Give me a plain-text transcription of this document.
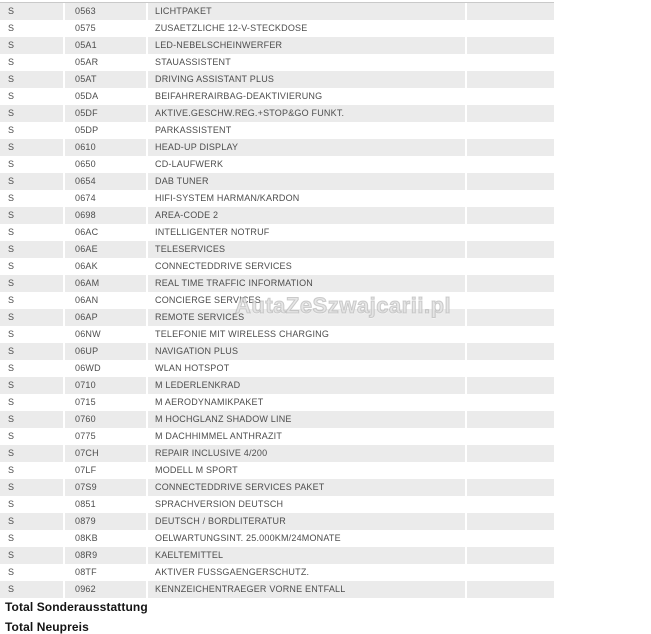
S	0563	LICHTPAKET
S	0575	ZUSAETZLICHE 12-V-STECKDOSE
S	05A1	LED-NEBELSCHEINWERFER
S	05AR	STAUASSISTENT
S	05AT	DRIVING ASSISTANT PLUS
S	05DA	BEIFAHRERAIRBAG-DEAKTIVIERUNG
S	05DF	AKTIVE.GESCHW.REG.+STOP&GO FUNKT.
S	05DP	PARKASSISTENT
S	0610	HEAD-UP DISPLAY
S	0650	CD-LAUFWERK
S	0654	DAB TUNER
S	0674	HIFI-SYSTEM HARMAN/KARDON
S	0698	AREA-CODE 2
S	06AC	INTELLIGENTER NOTRUF
S	06AE	TELESERVICES
S	06AK	CONNECTEDDRIVE SERVICES
S	06AM	REAL TIME TRAFFIC INFORMATION
S	06AN	CONCIERGE SERVICES
S	06AP	REMOTE SERVICES
S	06NW	TELEFONIE MIT WIRELESS CHARGING
S	06UP	NAVIGATION PLUS
S	06WD	WLAN HOTSPOT
S	0710	M LEDERLENKRAD
S	0715	M AERODYNAMIKPAKET
S	0760	M HOCHGLANZ SHADOW LINE
S	0775	M DACHHIMMEL ANTHRAZIT
S	07CH	REPAIR INCLUSIVE 4/200
S	07LF	MODELL M SPORT
S	07S9	CONNECTEDDRIVE SERVICES PAKET
S	0851	SPRACHVERSION DEUTSCH
S	0879	DEUTSCH / BORDLITERATUR
S	08KB	OELWARTUNGSINT. 25.000KM/24MONATE
S	08R9	KAELTEMITTEL
S	08TF	AKTIVER FUSSGAENGERSCHUTZ.
S	0962	KENNZEICHENTRAEGER VORNE ENTFALL
Total Sonderausstattung
Total Neupreis
AutaZeSzwajcarii.pl
